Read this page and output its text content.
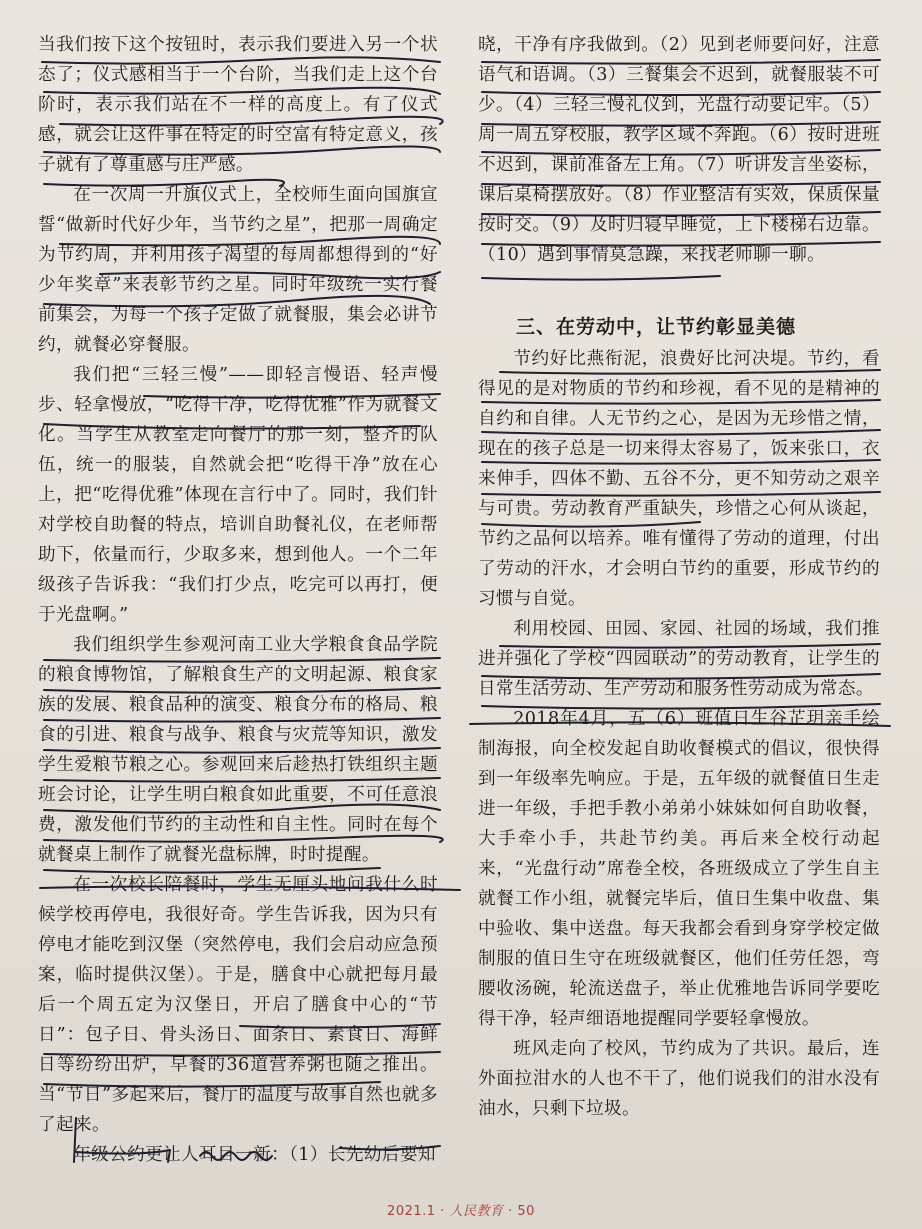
当我们按下这个按钮时，表示我们要进入另一个状态了；仪式感相当于一个台阶，当我们走上这个台阶时，表示我们站在不一样的高度上。有了仪式感，就会让这件事在特定的时空富有特定意义，孩子就有了尊重感与庄严感。

在一次周一升旗仪式上，全校师生面向国旗宣誓“做新时代好少年，当节约之星”，把那一周确定为节约周，并利用孩子渴望的每周都想得到的“好少年奖章”来表彰节约之星。同时年级统一实行餐前集会，为每一个孩子定做了就餐服，集会必讲节约，就餐必穿餐服。

我们把“三轻三慢”——即轻言慢语、轻声慢步、轻拿慢放，“吃得干净，吃得优雅”作为就餐文化。当学生从教室走向餐厅的那一刻，整齐的队伍，统一的服装，自然就会把“吃得干净”放在心上，把“吃得优雅”体现在言行中了。同时，我们针对学校自助餐的特点，培训自助餐礼仪，在老师帮助下，依量而行，少取多来，想到他人。一个二年级孩子告诉我：“我们打少点，吃完可以再打，便于光盘啊。”

我们组织学生参观河南工业大学粮食食品学院的粮食博物馆，了解粮食生产的文明起源、粮食家族的发展、粮食品种的演变、粮食分布的格局、粮食的引进、粮食与战争、粮食与灾荒等知识，激发学生爱粮节粮之心。参观回来后趁热打铁组织主题班会讨论，让学生明白粮食如此重要，不可任意浪费，激发他们节约的主动性和自主性。同时在每个就餐桌上制作了就餐光盘标牌，时时提醒。

在一次校长陪餐时，学生无厘头地问我什么时候学校再停电，我很好奇。学生告诉我，因为只有停电才能吃到汉堡（突然停电，我们会启动应急预案，临时提供汉堡）。于是，膳食中心就把每月最后一个周五定为汉堡日，开启了膳食中心的“节日”：包子日、骨头汤日、面条日、素食日、海鲜日等纷纷出炉，早餐的36道营养粥也随之推出。当“节日”多起来后，餐厅的温度与故事自然也就多了起来。

年级公约更让人耳目一新：（1）长先幼后要知

晓，干净有序我做到。（2）见到老师要问好，注意语气和语调。（3）三餐集会不迟到，就餐服装不可少。（4）三轻三慢礼仪到，光盘行动要记牢。（5）周一周五穿校服，教学区域不奔跑。（6）按时进班不迟到，课前准备左上角。（7）听讲发言坐姿标，课后桌椅摆放好。（8）作业整洁有实效，保质保量按时交。（9）及时归寝早睡觉，上下楼梯右边靠。（10）遇到事情莫急躁，来找老师聊一聊。

三、在劳动中，让节约彰显美德

节约好比燕衔泥，浪费好比河决堤。节约，看得见的是对物质的节约和珍视，看不见的是精神的自约和自律。人无节约之心，是因为无珍惜之情，现在的孩子总是一切来得太容易了，饭来张口，衣来伸手，四体不勤、五谷不分，更不知劳动之艰辛与可贵。劳动教育严重缺失，珍惜之心何从谈起，节约之品何以培养。唯有懂得了劳动的道理，付出了劳动的汗水，才会明白节约的重要，形成节约的习惯与自觉。

利用校园、田园、家园、社园的场域，我们推进并强化了学校“四园联动”的劳动教育，让学生的日常生活劳动、生产劳动和服务性劳动成为常态。

2018年4月，五（6）班值日生谷芷玥亲手绘制海报，向全校发起自助收餐模式的倡议，很快得到一年级率先响应。于是，五年级的就餐值日生走进一年级，手把手教小弟弟小妹妹如何自助收餐，大手牵小手，共赴节约美。再后来全校行动起来，“光盘行动”席卷全校，各班级成立了学生自主就餐工作小组，就餐完毕后，值日生集中收盘、集中验收、集中送盘。每天我都会看到身穿学校定做制服的值日生守在班级就餐区，他们任劳任怨，弯腰收汤碗，轮流送盘子，举止优雅地告诉同学要吃得干净，轻声细语地提醒同学要轻拿慢放。

班风走向了校风，节约成为了共识。最后，连外面拉泔水的人也不干了，他们说我们的泔水没有油水，只剩下垃圾。

2021.1 · 人民教育 · 50
